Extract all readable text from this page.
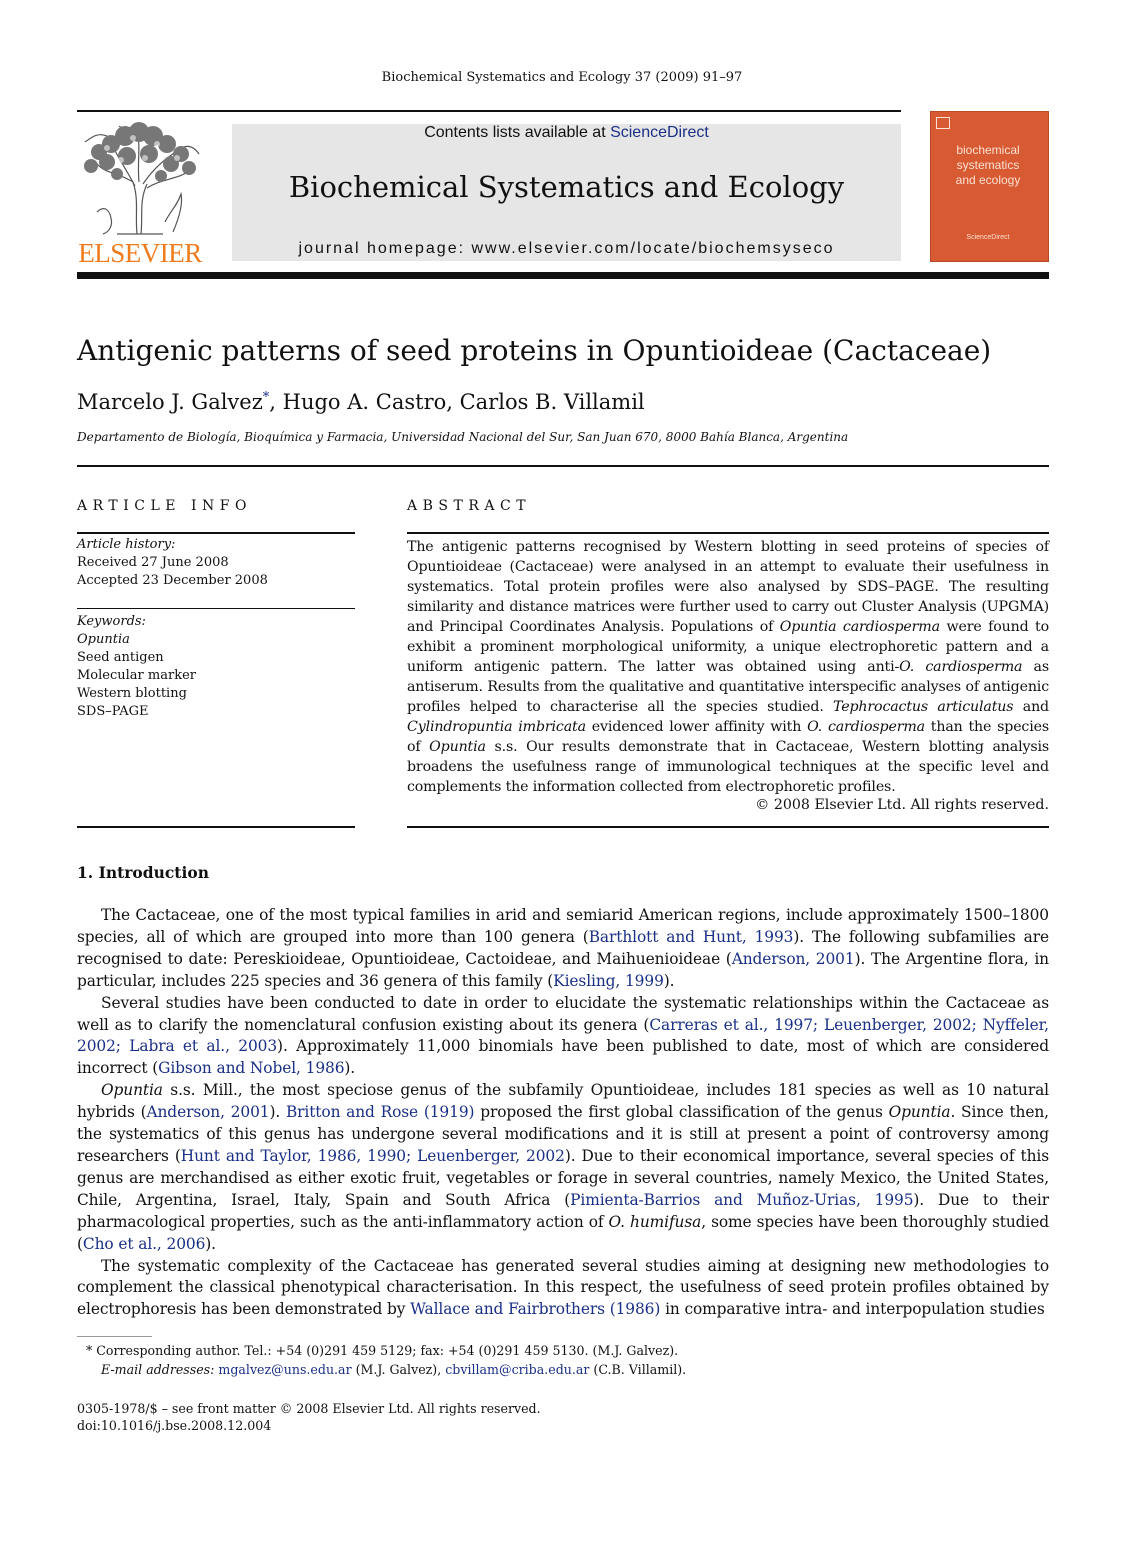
Biochemical Systematics and Ecology 37 (2009) 91–97
ELSEVIER
Contents lists available at ScienceDirect
Biochemical Systematics and Ecology
journal homepage: www.elsevier.com/locate/biochemsyseco
biochemical
systematics
and ecology
ScienceDirect
Antigenic patterns of seed proteins in Opuntioideae (Cactaceae)
Marcelo J. Galvez*, Hugo A. Castro, Carlos B. Villamil
Departamento de Biología, Bioquímica y Farmacia, Universidad Nacional del Sur, San Juan 670, 8000 Bahía Blanca, Argentina
ARTICLE INFO
Article history:
Received 27 June 2008
Accepted 23 December 2008
Keywords:
Opuntia
Seed antigen
Molecular marker
Western blotting
SDS–PAGE
ABSTRACT
The antigenic patterns recognised by Western blotting in seed proteins of species of Opuntioideae (Cactaceae) were analysed in an attempt to evaluate their usefulness in systematics. Total protein profiles were also analysed by SDS–PAGE. The resulting similarity and distance matrices were further used to carry out Cluster Analysis (UPGMA) and Principal Coordinates Analysis. Populations of Opuntia cardiosperma were found to exhibit a prominent morphological uniformity, a unique electrophoretic pattern and a uniform antigenic pattern. The latter was obtained using anti-O. cardiosperma as antiserum. Results from the qualitative and quantitative interspecific analyses of antigenic profiles helped to characterise all the species studied. Tephrocactus articulatus and Cylindropuntia imbricata evidenced lower affinity with O. cardiosperma than the species of Opuntia s.s. Our results demonstrate that in Cactaceae, Western blotting analysis broadens the usefulness range of immunological techniques at the specific level and complements the information collected from electrophoretic profiles.
© 2008 Elsevier Ltd. All rights reserved.
1. Introduction

The Cactaceae, one of the most typical families in arid and semiarid American regions, include approximately 1500–1800 species, all of which are grouped into more than 100 genera (Barthlott and Hunt, 1993). The following subfamilies are recognised to date: Pereskioideae, Opuntioideae, Cactoideae, and Maihuenioideae (Anderson, 2001). The Argentine flora, in particular, includes 225 species and 36 genera of this family (Kiesling, 1999).

Several studies have been conducted to date in order to elucidate the systematic relationships within the Cactaceae as well as to clarify the nomenclatural confusion existing about its genera (Carreras et al., 1997; Leuenberger, 2002; Nyffeler, 2002; Labra et al., 2003). Approximately 11,000 binomials have been published to date, most of which are considered incorrect (Gibson and Nobel, 1986).

Opuntia s.s. Mill., the most speciose genus of the subfamily Opuntioideae, includes 181 species as well as 10 natural hybrids (Anderson, 2001). Britton and Rose (1919) proposed the first global classification of the genus Opuntia. Since then, the systematics of this genus has undergone several modifications and it is still at present a point of controversy among researchers (Hunt and Taylor, 1986, 1990; Leuenberger, 2002). Due to their economical importance, several species of this genus are merchandised as either exotic fruit, vegetables or forage in several countries, namely Mexico, the United States, Chile, Argentina, Israel, Italy, Spain and South Africa (Pimienta-Barrios and Muñoz-Urias, 1995). Due to their pharmacological properties, such as the anti-inflammatory action of O. humifusa, some species have been thoroughly studied (Cho et al., 2006).

The systematic complexity of the Cactaceae has generated several studies aiming at designing new methodologies to complement the classical phenotypical characterisation. In this respect, the usefulness of seed protein profiles obtained by electrophoresis has been demonstrated by Wallace and Fairbrothers (1986) in comparative intra- and interpopulation studies

* Corresponding author. Tel.: +54 (0)291 459 5129; fax: +54 (0)291 459 5130. (M.J. Galvez).
E-mail addresses: mgalvez@uns.edu.ar (M.J. Galvez), cbvillam@criba.edu.ar (C.B. Villamil).
0305-1978/$ – see front matter © 2008 Elsevier Ltd. All rights reserved.
doi:10.1016/j.bse.2008.12.004
